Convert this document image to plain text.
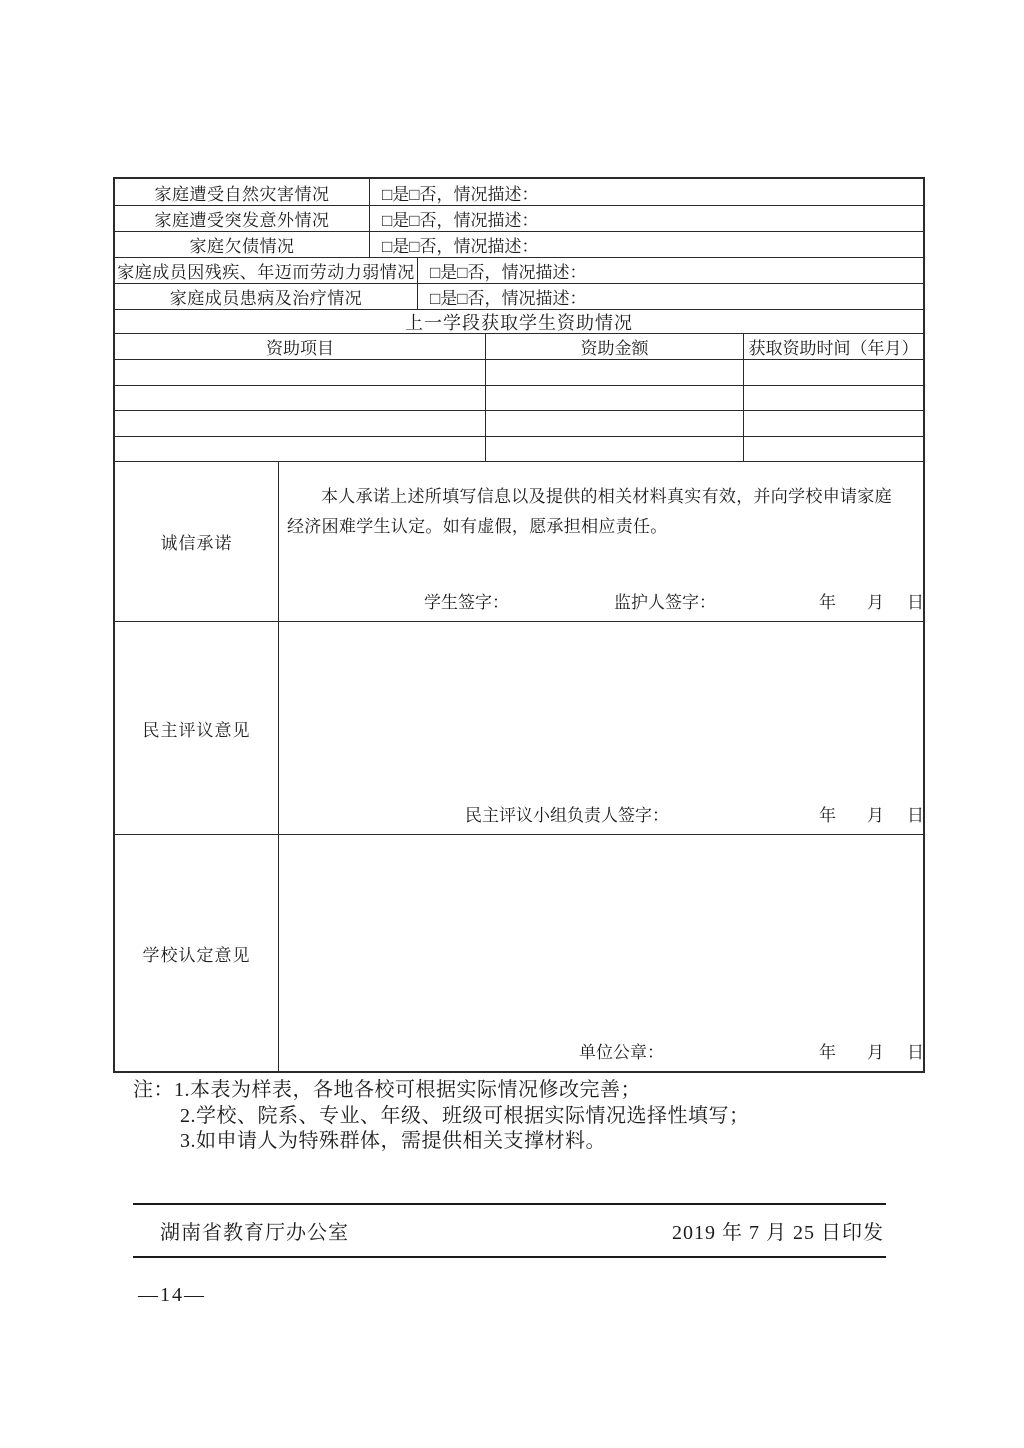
家庭遭受自然灾害情况	□是□否，情况描述：
家庭遭受突发意外情况	□是□否，情况描述：
家庭欠债情况	□是□否，情况描述：
家庭成员因残疾、年迈而劳动力弱情况 □是□否，情况描述：
家庭成员患病及治疗情况	□是□否，情况描述：
上一学段获取学生资助情况
资助项目	资助金额	获取资助时间（年月）
诚信承诺

本人承诺上述所填写信息以及提供的相关材料真实有效，并向学校申请家庭经济困难学生认定。如有虚假，愿承担相应责任。

学生签字：	监护人签字：	年 月 日
民主评议意见
民主评议小组负责人签字：	年 月 日
学校认定意见
单位公章：	年 月 日
注：1.本表为样表，各地各校可根据实际情况修改完善；
2.学校、院系、专业、年级、班级可根据实际情况选择性填写；
3.如申请人为特殊群体，需提供相关支撑材料。
湖南省教育厅办公室	2019 年 7 月 25 日印发
—14—
